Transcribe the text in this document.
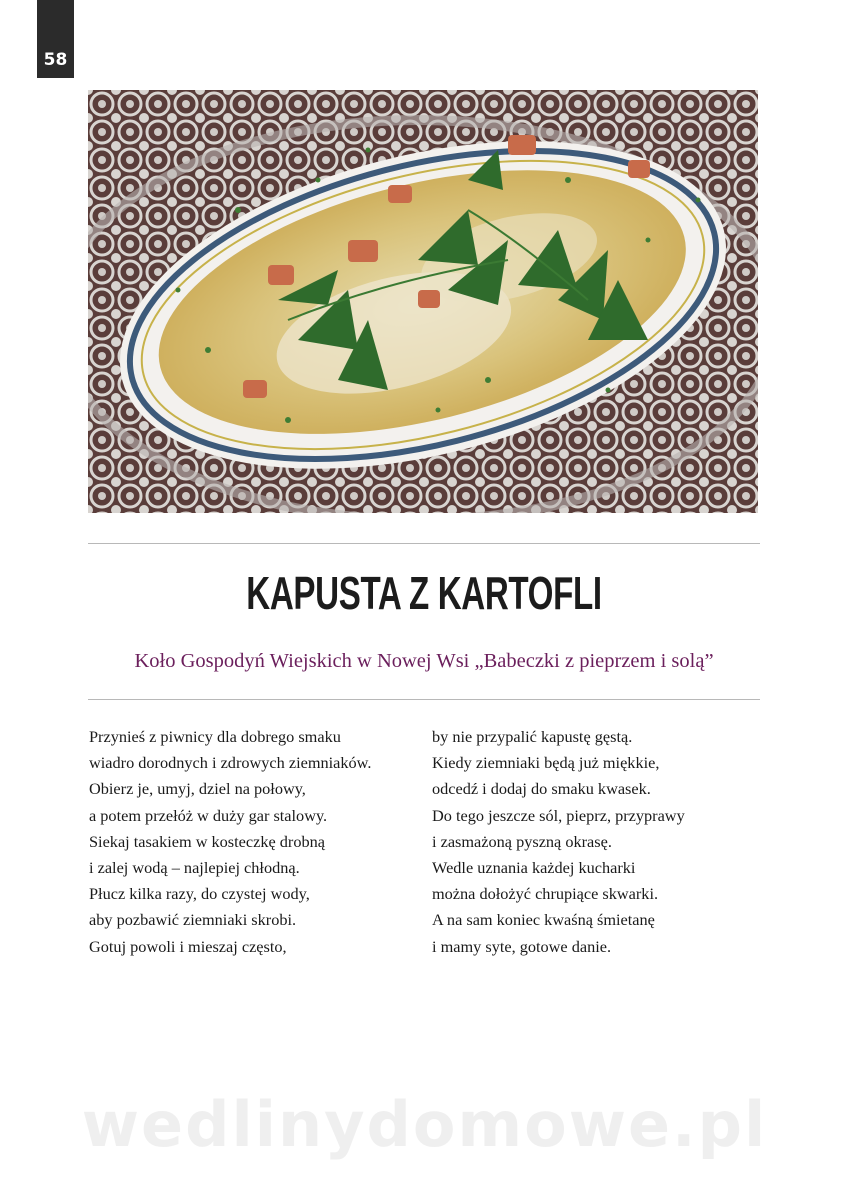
58
KAPUSTA Z KARTOFLI
Koło Gospodyń Wiejskich w Nowej Wsi „Babeczki z pieprzem i solą”
Przynieś z piwnicy dla dobrego smaku
wiadro dorodnych i zdrowych ziemniaków.
Obierz je, umyj, dziel na połowy,
a potem przełóż w duży gar stalowy.
Siekaj tasakiem w kosteczkę drobną
i zalej wodą – najlepiej chłodną.
Płucz kilka razy, do czystej wody,
aby pozbawić ziemniaki skrobi.
Gotuj powoli i mieszaj często,
by nie przypalić kapustę gęstą.
Kiedy ziemniaki będą już miękkie,
odcedź i dodaj do smaku kwasek.
Do tego jeszcze sól, pieprz, przyprawy
i zasmażoną pyszną okrasę.
Wedle uznania każdej kucharki
można dołożyć chrupiące skwarki.
A na sam koniec kwaśną śmietanę
i mamy syte, gotowe danie.
wedlinydomowe.pl
